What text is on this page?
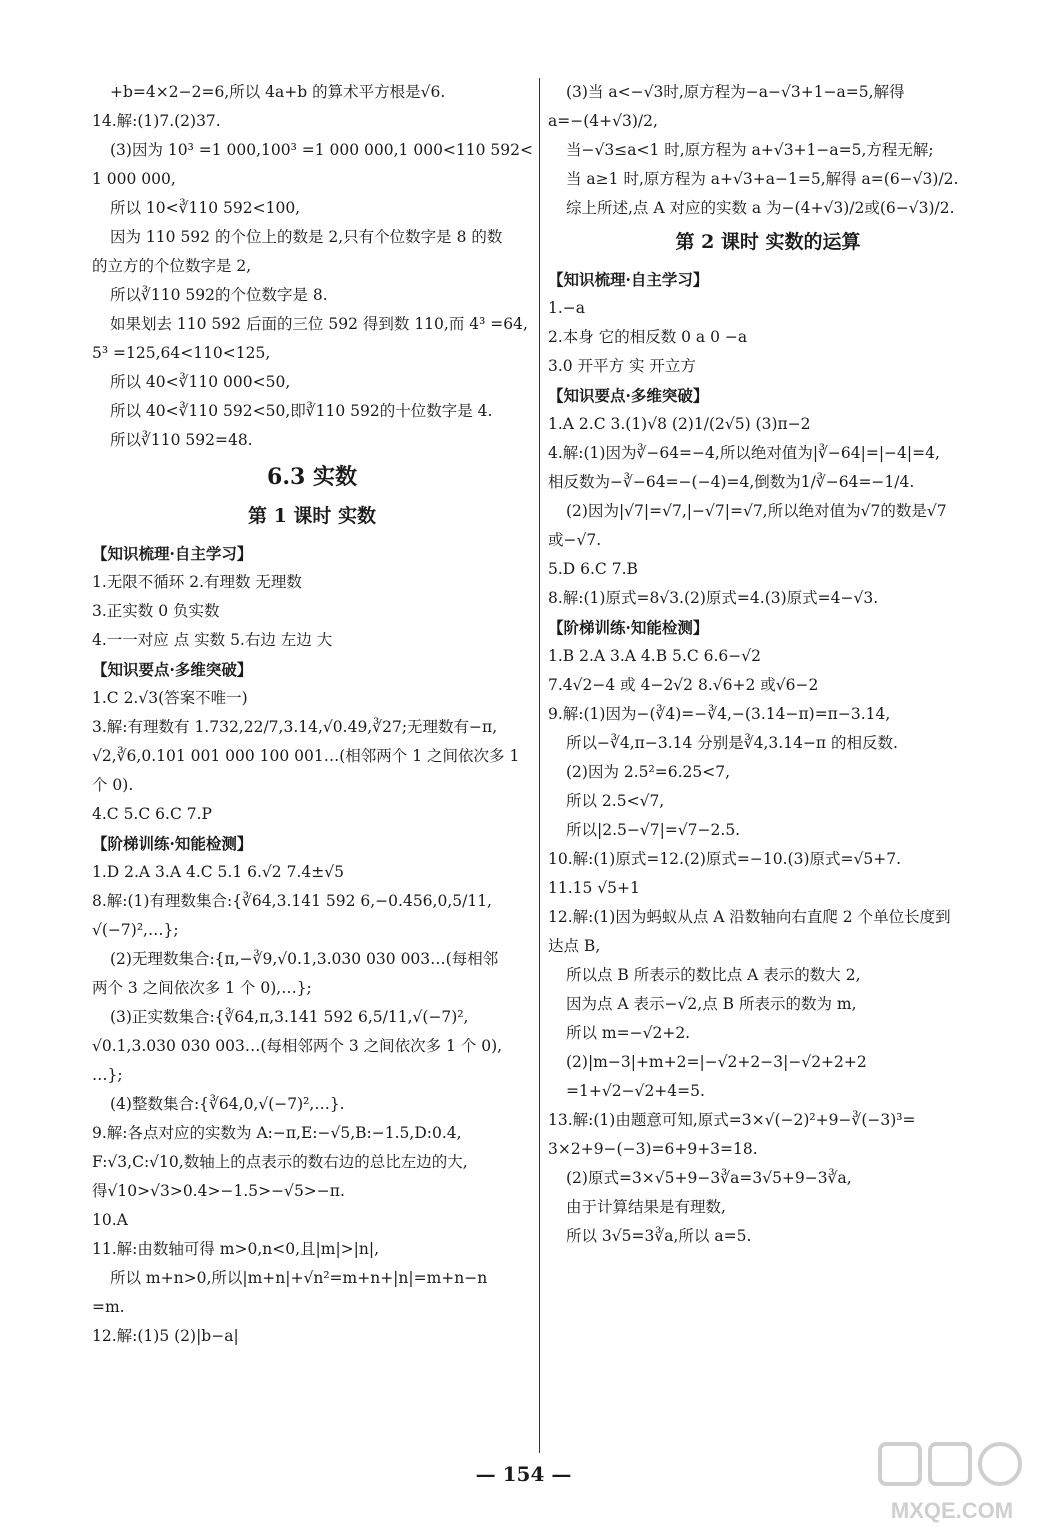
+b=4×2−2=6,所以 4a+b 的算术平方根是√6.
14.解:(1)7.(2)37.
(3)因为 10³ =1 000,100³ =1 000 000,1 000<110 592<
1 000 000,
所以 10<∛110 592<100,
因为 110 592 的个位上的数是 2,只有个位数字是 8 的数
的立方的个位数字是 2,
所以∛110 592的个位数字是 8.
如果划去 110 592 后面的三位 592 得到数 110,而 4³ =64,
5³ =125,64<110<125,
所以 40<∛110 000<50,
所以 40<∛110 592<50,即∛110 592的十位数字是 4.
所以∛110 592=48.
6.3 实数
第 1 课时 实数
【知识梳理·自主学习】
1.无限不循环 2.有理数 无理数
3.正实数 0 负实数
4.一一对应 点 实数 5.右边 左边 大
【知识要点·多维突破】
1.C 2.√3(答案不唯一)
3.解:有理数有 1.732,22/7,3.14,√0.49,∛27;无理数有−π,
√2,∛6,0.101 001 000 100 001…(相邻两个 1 之间依次多 1
个 0).
4.C 5.C 6.C 7.P
【阶梯训练·知能检测】
1.D 2.A 3.A 4.C 5.1 6.√2 7.4±√5
8.解:(1)有理数集合:{∛64,3.141 592 6,−0.456,0,5/11,
√(−7)²,…};
(2)无理数集合:{π,−∛9,√0.1,3.030 030 003…(每相邻
两个 3 之间依次多 1 个 0),…};
(3)正实数集合:{∛64,π,3.141 592 6,5/11,√(−7)²,
√0.1,3.030 030 003…(每相邻两个 3 之间依次多 1 个 0),
…};
(4)整数集合:{∛64,0,√(−7)²,…}.
9.解:各点对应的实数为 A:−π,E:−√5,B:−1.5,D:0.4,
F:√3,C:√10,数轴上的点表示的数右边的总比左边的大,
得√10>√3>0.4>−1.5>−√5>−π.
10.A
11.解:由数轴可得 m>0,n<0,且|m|>|n|,
所以 m+n>0,所以|m+n|+√n²=m+n+|n|=m+n−n
=m.
12.解:(1)5 (2)|b−a|
(3)当 a<−√3时,原方程为−a−√3+1−a=5,解得
a=−(4+√3)/2,
当−√3≤a<1 时,原方程为 a+√3+1−a=5,方程无解;
当 a≥1 时,原方程为 a+√3+a−1=5,解得 a=(6−√3)/2.
综上所述,点 A 对应的实数 a 为−(4+√3)/2或(6−√3)/2.
第 2 课时 实数的运算
【知识梳理·自主学习】
1.−a
2.本身 它的相反数 0 a 0 −a
3.0 开平方 实 开立方
【知识要点·多维突破】
1.A 2.C 3.(1)√8 (2)1/(2√5) (3)π−2
4.解:(1)因为∛−64=−4,所以绝对值为|∛−64|=|−4|=4,
相反数为−∛−64=−(−4)=4,倒数为1/∛−64=−1/4.
(2)因为|√7|=√7,|−√7|=√7,所以绝对值为√7的数是√7
或−√7.
5.D 6.C 7.B
8.解:(1)原式=8√3.(2)原式=4.(3)原式=4−√3.
【阶梯训练·知能检测】
1.B 2.A 3.A 4.B 5.C 6.6−√2
7.4√2−4 或 4−2√2 8.√6+2 或√6−2
9.解:(1)因为−(∛4)=−∛4,−(3.14−π)=π−3.14,
所以−∛4,π−3.14 分别是∛4,3.14−π 的相反数.
(2)因为 2.5²=6.25<7,
所以 2.5<√7,
所以|2.5−√7|=√7−2.5.
10.解:(1)原式=12.(2)原式=−10.(3)原式=√5+7.
11.15 √5+1
12.解:(1)因为蚂蚁从点 A 沿数轴向右直爬 2 个单位长度到
达点 B,
所以点 B 所表示的数比点 A 表示的数大 2,
因为点 A 表示−√2,点 B 所表示的数为 m,
所以 m=−√2+2.
(2)|m−3|+m+2=|−√2+2−3|−√2+2+2
=1+√2−√2+4=5.
13.解:(1)由题意可知,原式=3×√(−2)²+9−∛(−3)³=
3×2+9−(−3)=6+9+3=18.
(2)原式=3×√5+9−3∛a=3√5+9−3∛a,
由于计算结果是有理数,
所以 3√5=3∛a,所以 a=5.
— 154 —
MXQE.COM
